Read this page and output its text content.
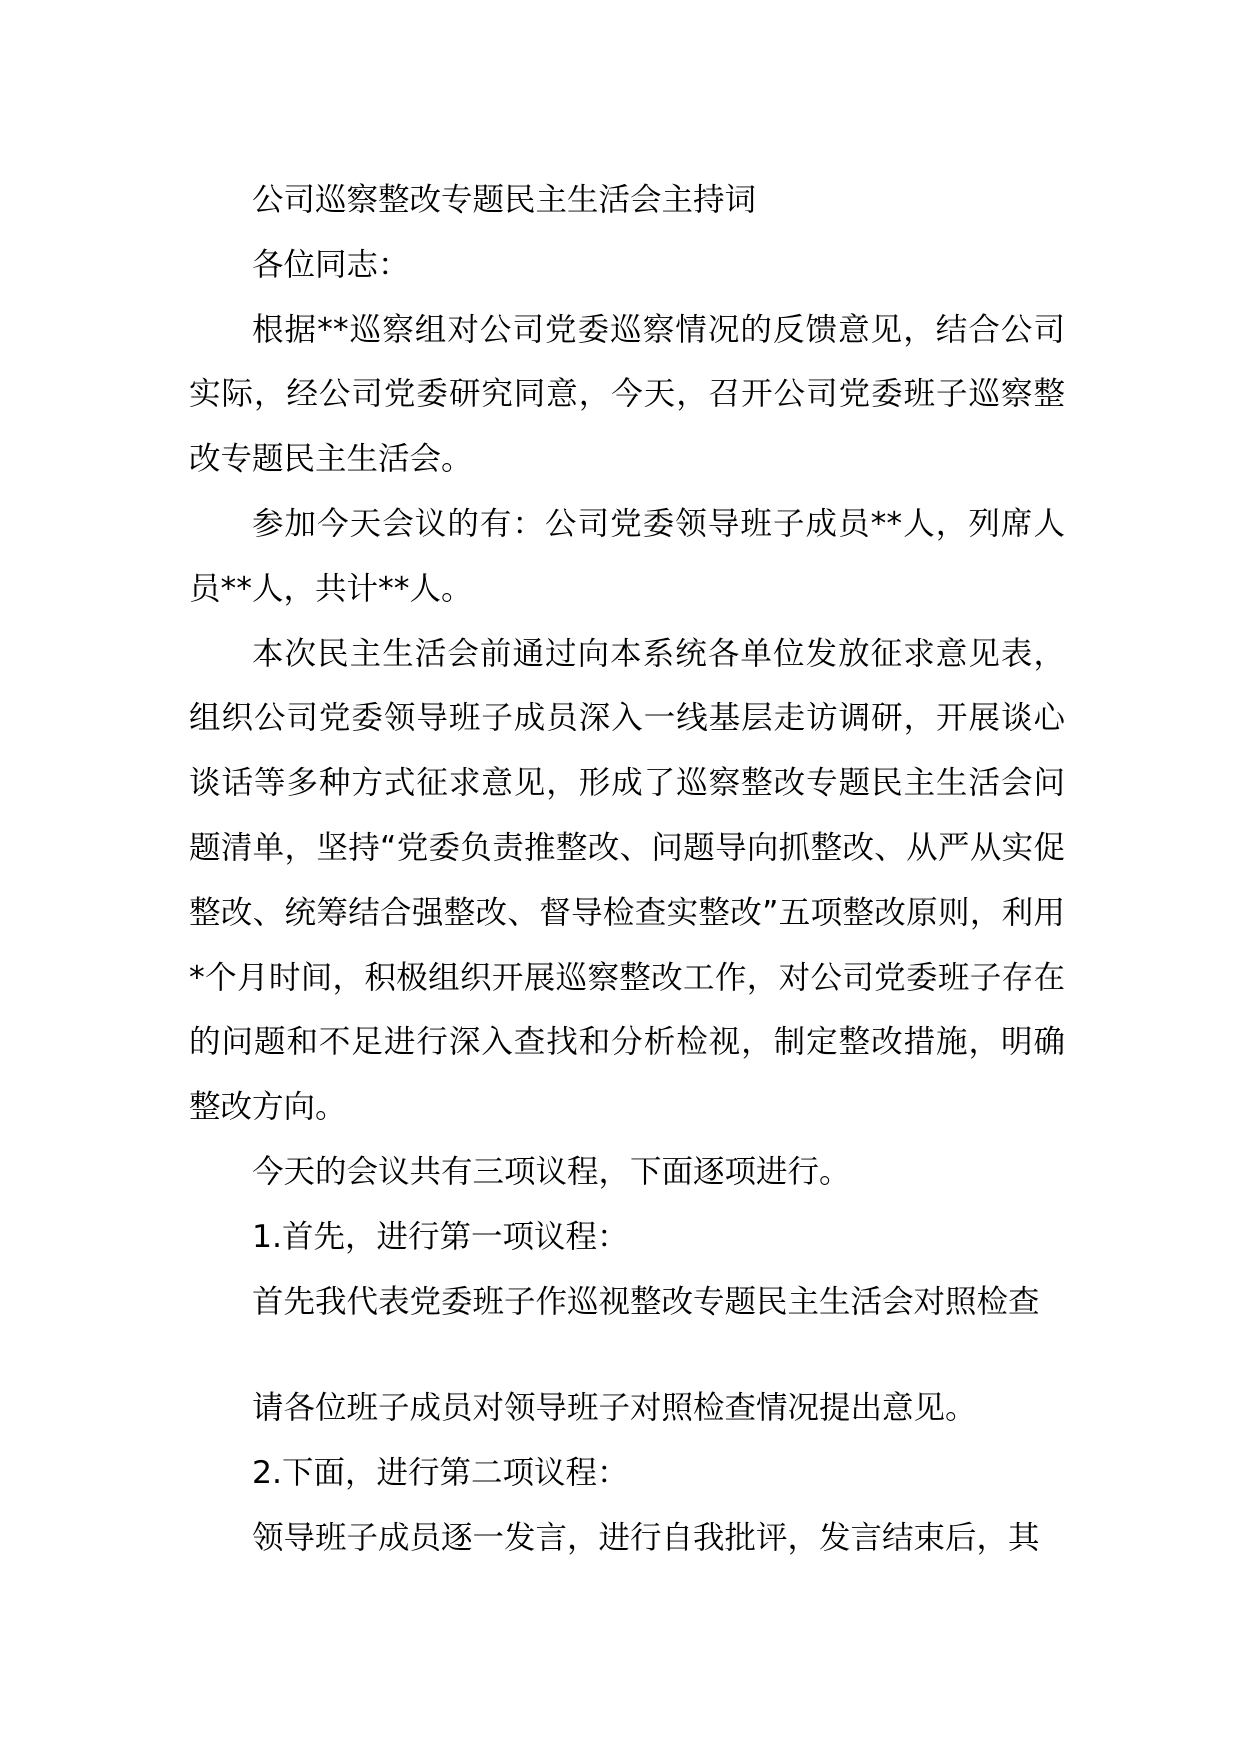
公司巡察整改专题民主生活会主持词

各位同志：

根据**巡察组对公司党委巡察情况的反馈意见，结合公司实际，经公司党委研究同意，今天，召开公司党委班子巡察整改专题民主生活会。

参加今天会议的有：公司党委领导班子成员**人，列席人员**人，共计**人。

本次民主生活会前通过向本系统各单位发放征求意见表，组织公司党委领导班子成员深入一线基层走访调研，开展谈心谈话等多种方式征求意见，形成了巡察整改专题民主生活会问题清单，坚持“党委负责推整改、问题导向抓整改、从严从实促整改、统筹结合强整改、督导检查实整改”五项整改原则，利用*个月时间，积极组织开展巡察整改工作，对公司党委班子存在的问题和不足进行深入查找和分析检视，制定整改措施，明确整改方向。

今天的会议共有三项议程，下面逐项进行。

1.首先，进行第一项议程：

首先我代表党委班子作巡视整改专题民主生活会对照检查

请各位班子成员对领导班子对照检查情况提出意见。

2.下面，进行第二项议程：

领导班子成员逐一发言，进行自我批评，发言结束后，其
